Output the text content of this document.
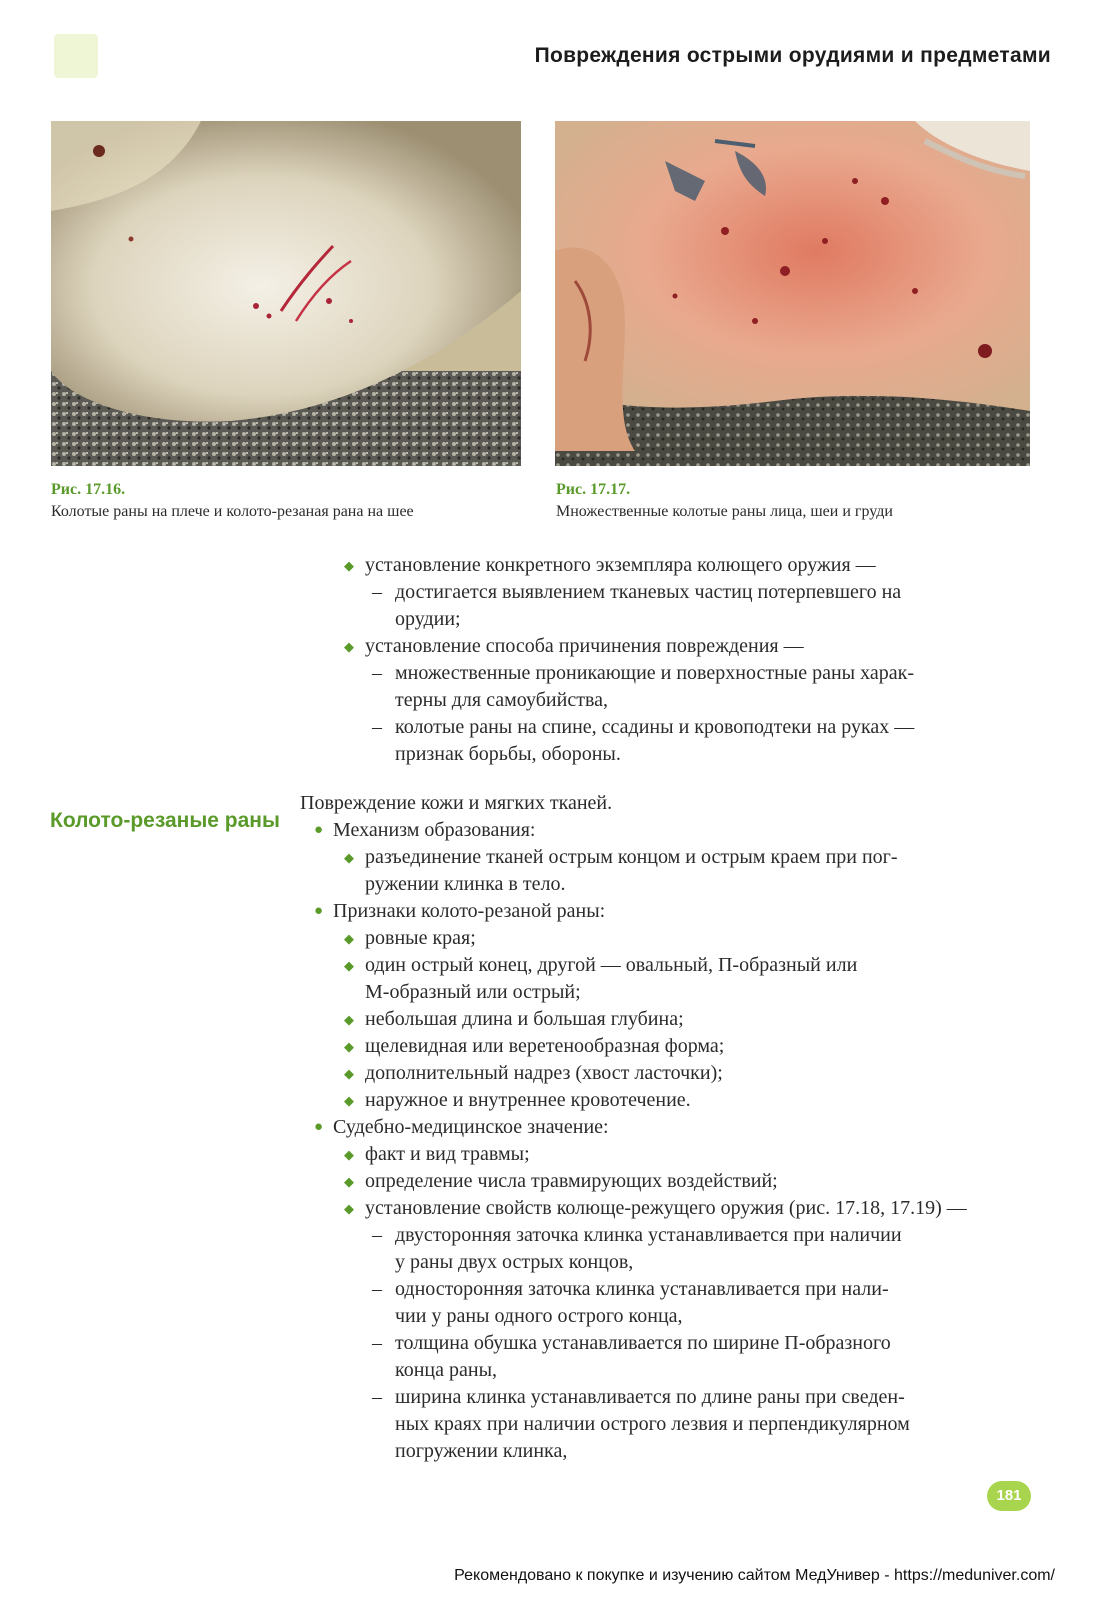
Повреждения острыми орудиями и предметами
Рис. 17.16.
Колотые раны на плече и колото-резаная рана на шее
Рис. 17.17.
Множественные колотые раны лица, шеи и груди
◆ установление конкретного экземпляра колющего оружия —
– достигается выявлением тканевых частиц потерпевшего на
орудии;
◆ установление способа причинения повреждения —
– множественные проникающие и поверхностные раны харак-
терны для самоубийства,
– колотые раны на спине, ссадины и кровоподтеки на руках —
признак борьбы, обороны.
Колото-резаные раны
Повреждение кожи и мягких тканей.
● Механизм образования:
◆ разъединение тканей острым концом и острым краем при пог-
ружении клинка в тело.
● Признаки колото-резаной раны:
◆ ровные края;
◆ один острый конец, другой — овальный, П-образный или
М-образный или острый;
◆ небольшая длина и большая глубина;
◆ щелевидная или веретенообразная форма;
◆ дополнительный надрез (хвост ласточки);
◆ наружное и внутреннее кровотечение.
● Судебно-медицинское значение:
◆ факт и вид травмы;
◆ определение числа травмирующих воздействий;
◆ установление свойств колюще-режущего оружия (рис. 17.18, 17.19) —
– двусторонняя заточка клинка устанавливается при наличии
у раны двух острых концов,
– односторонняя заточка клинка устанавливается при нали-
чии у раны одного острого конца,
– толщина обушка устанавливается по ширине П-образного
конца раны,
– ширина клинка устанавливается по длине раны при сведен-
ных краях при наличии острого лезвия и перпендикулярном
погружении клинка,
181
Рекомендовано к покупке и изучению сайтом МедУнивер - https://meduniver.com/
